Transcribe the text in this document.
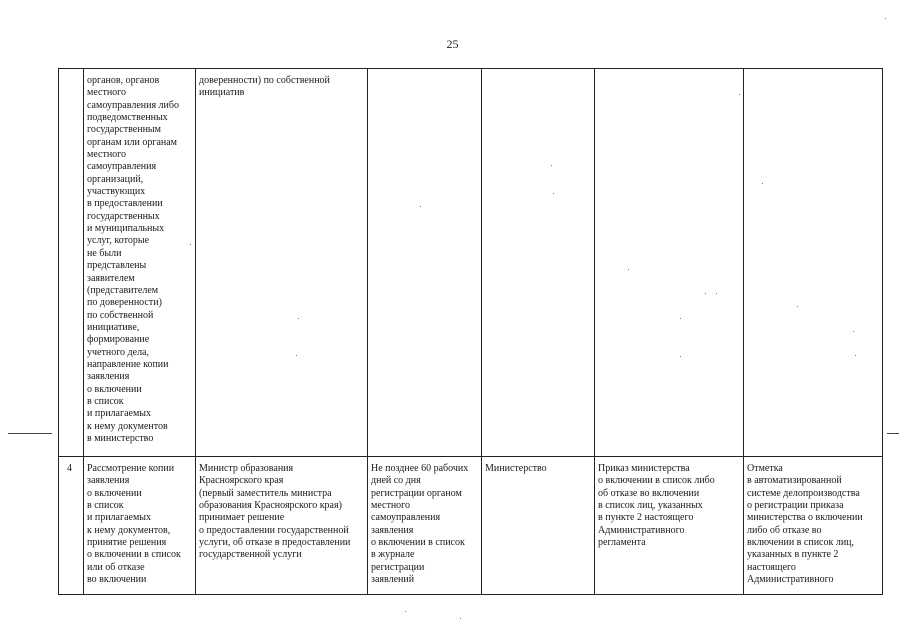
25
органов, органов
местного
самоуправления либо
подведомственных
государственным
органам или органам
местного
самоуправления
организаций,
участвующих
в предоставлении
государственных
и муниципальных
услуг, которые
не были
представлены
заявителем
(представителем
по доверенности)
по собственной
инициативе,
формирование
учетного дела,
направление копии
заявления
о включении
в список
и прилагаемых
к нему документов
в министерство
доверенности) по собственной
инициатив
4	Рассмотрение копии
заявления
о включении
в список
и прилагаемых
к нему документов,
принятие решения
о включении в список
или об отказе
во включении
Министр образования
Красноярского края
(первый заместитель министра
образования Красноярского края)
принимает решение
о предоставлении государственной
услуги, об отказе в предоставлении
государственной услуги
Не позднее 60 рабочих
дней со дня
регистрации органом
местного
самоуправления
заявления
о включении в список
в журнале
регистрации
заявлений
Министерство	Приказ министерства
о включении в список либо
об отказе во включении
в список лиц, указанных
в пункте 2 настоящего
Административного
регламента
Отметка
в автоматизированной
системе делопроизводства
о регистрации приказа
министерства о включении
либо об отказе во
включении в список лиц,
указанных в пункте 2
настоящего
Административного
